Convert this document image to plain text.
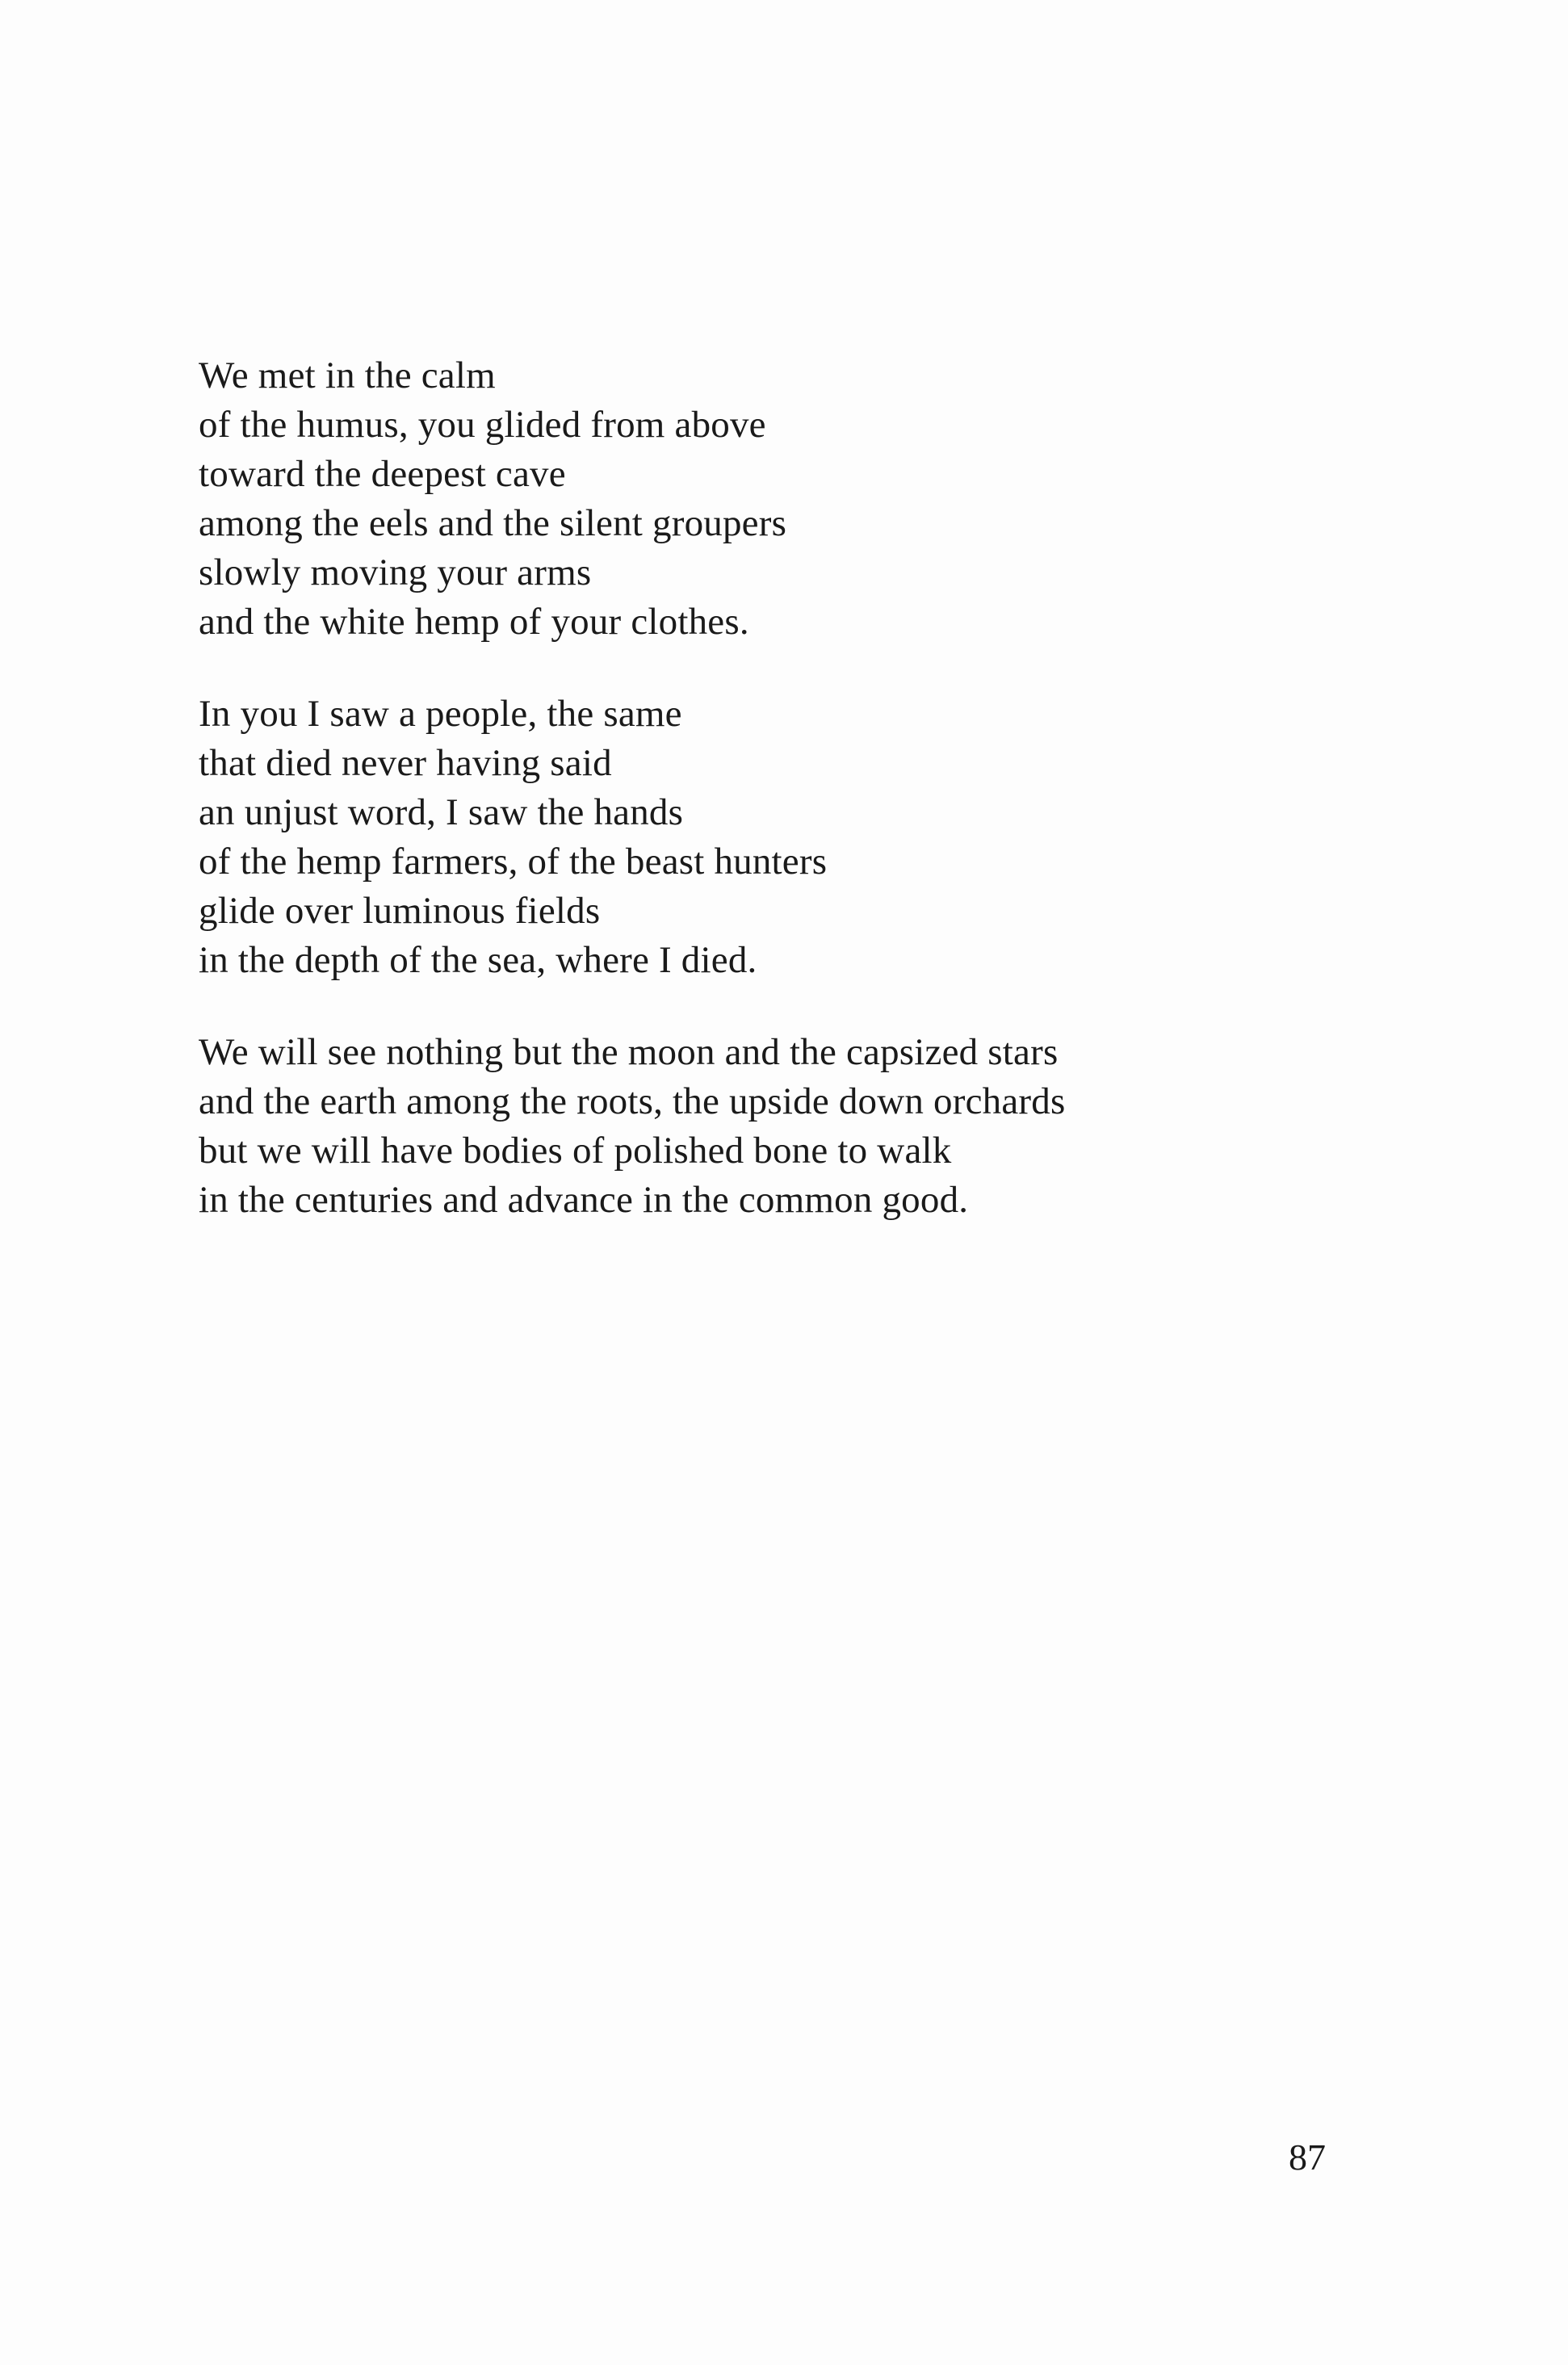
We met in the calm
of the humus, you glided from above
toward the deepest cave
among the eels and the silent groupers
slowly moving your arms
and the white hemp of your clothes.
In you I saw a people, the same
that died never having said
an unjust word, I saw the hands
of the hemp farmers, of the beast hunters
glide over luminous fields
in the depth of the sea, where I died.
We will see nothing but the moon and the capsized stars
and the earth among the roots, the upside down orchards
but we will have bodies of polished bone to walk
in the centuries and advance in the common good.
87
